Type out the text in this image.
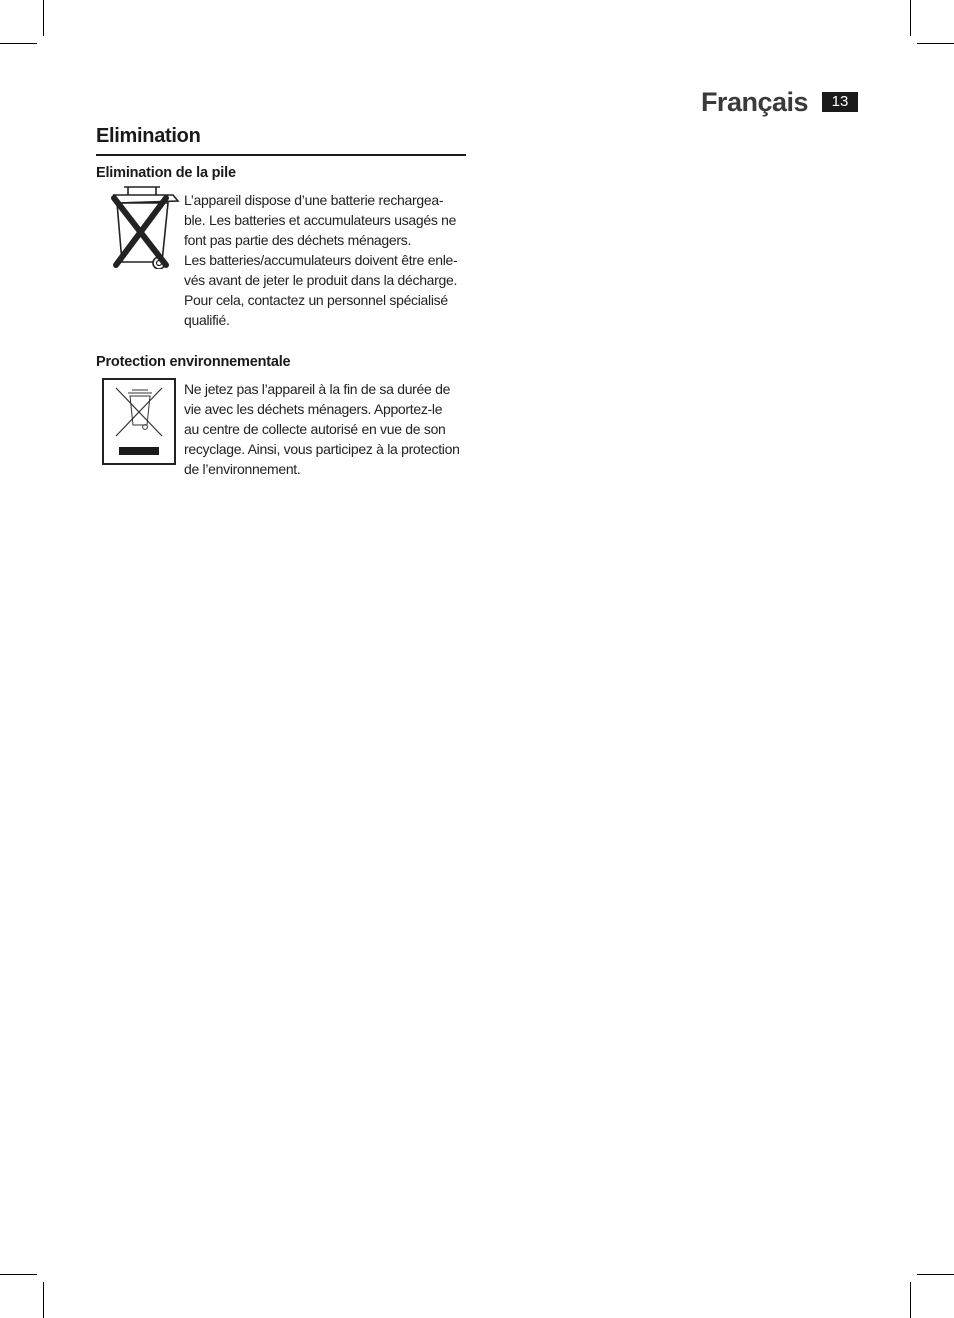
Français	13
Elimination
Elimination de la pile

L’appareil dispose d’une batterie rechargea-
ble. Les batteries et accumulateurs usagés ne
font pas partie des déchets ménagers.
Les batteries/accumulateurs doivent être enle-
vés avant de jeter le produit dans la décharge.
Pour cela, contactez un personnel spécialisé
qualifié.

Protection environnementale

Ne jetez pas l’appareil à la fin de sa durée de
vie avec les déchets ménagers. Apportez-le
au centre de collecte autorisé en vue de son
recyclage. Ainsi, vous participez à la protection
de l’environnement.
